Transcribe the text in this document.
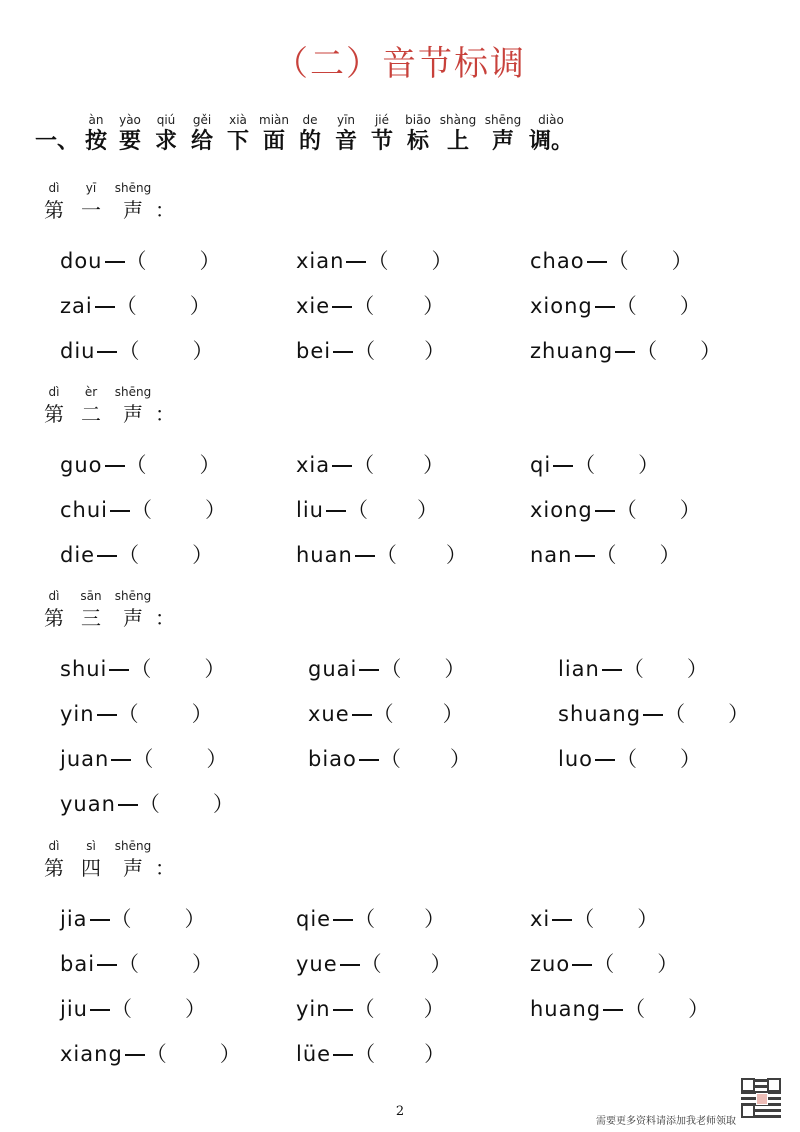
（二）音节标调
一、
àn
按
yào
要
qiú
求
gěi
给
xià
下
miàn
面
de
的
yīn
音
jié
节
biāo
标
shàng
上
shēng
声
diào
调。
dì
第
yī
一
shēng
声 ：
dou （ ）	xian （ ）	chao （ ）
zai （ ）	xie （ ）	xiong （ ）
diu （ ）	bei （ ）	zhuang （ ）
dì
第
èr
二
shēng
声 ：
guo （ ）	xia （ ）	qi （ ）
chui （ ）	liu （ ）	xiong （ ）
die （ ）	huan （ ）	nan （ ）
dì
第
sān
三
shēng
声 ：
shui （ ）	guai （ ）	lian （ ）
yin （ ）	xue （ ）	shuang （ ）
juan （ ）	biao （ ）	luo （ ）
yuan （ ）
dì
第
sì
四
shēng
声 ：
jia （ ）	qie （ ）	xi （ ）
bai （ ）	yue （ ）	zuo （ ）
jiu （ ）	yin （ ）	huang （ ）
xiang （ ）	lüe （ ）
2
需要更多资料请添加我老师领取
